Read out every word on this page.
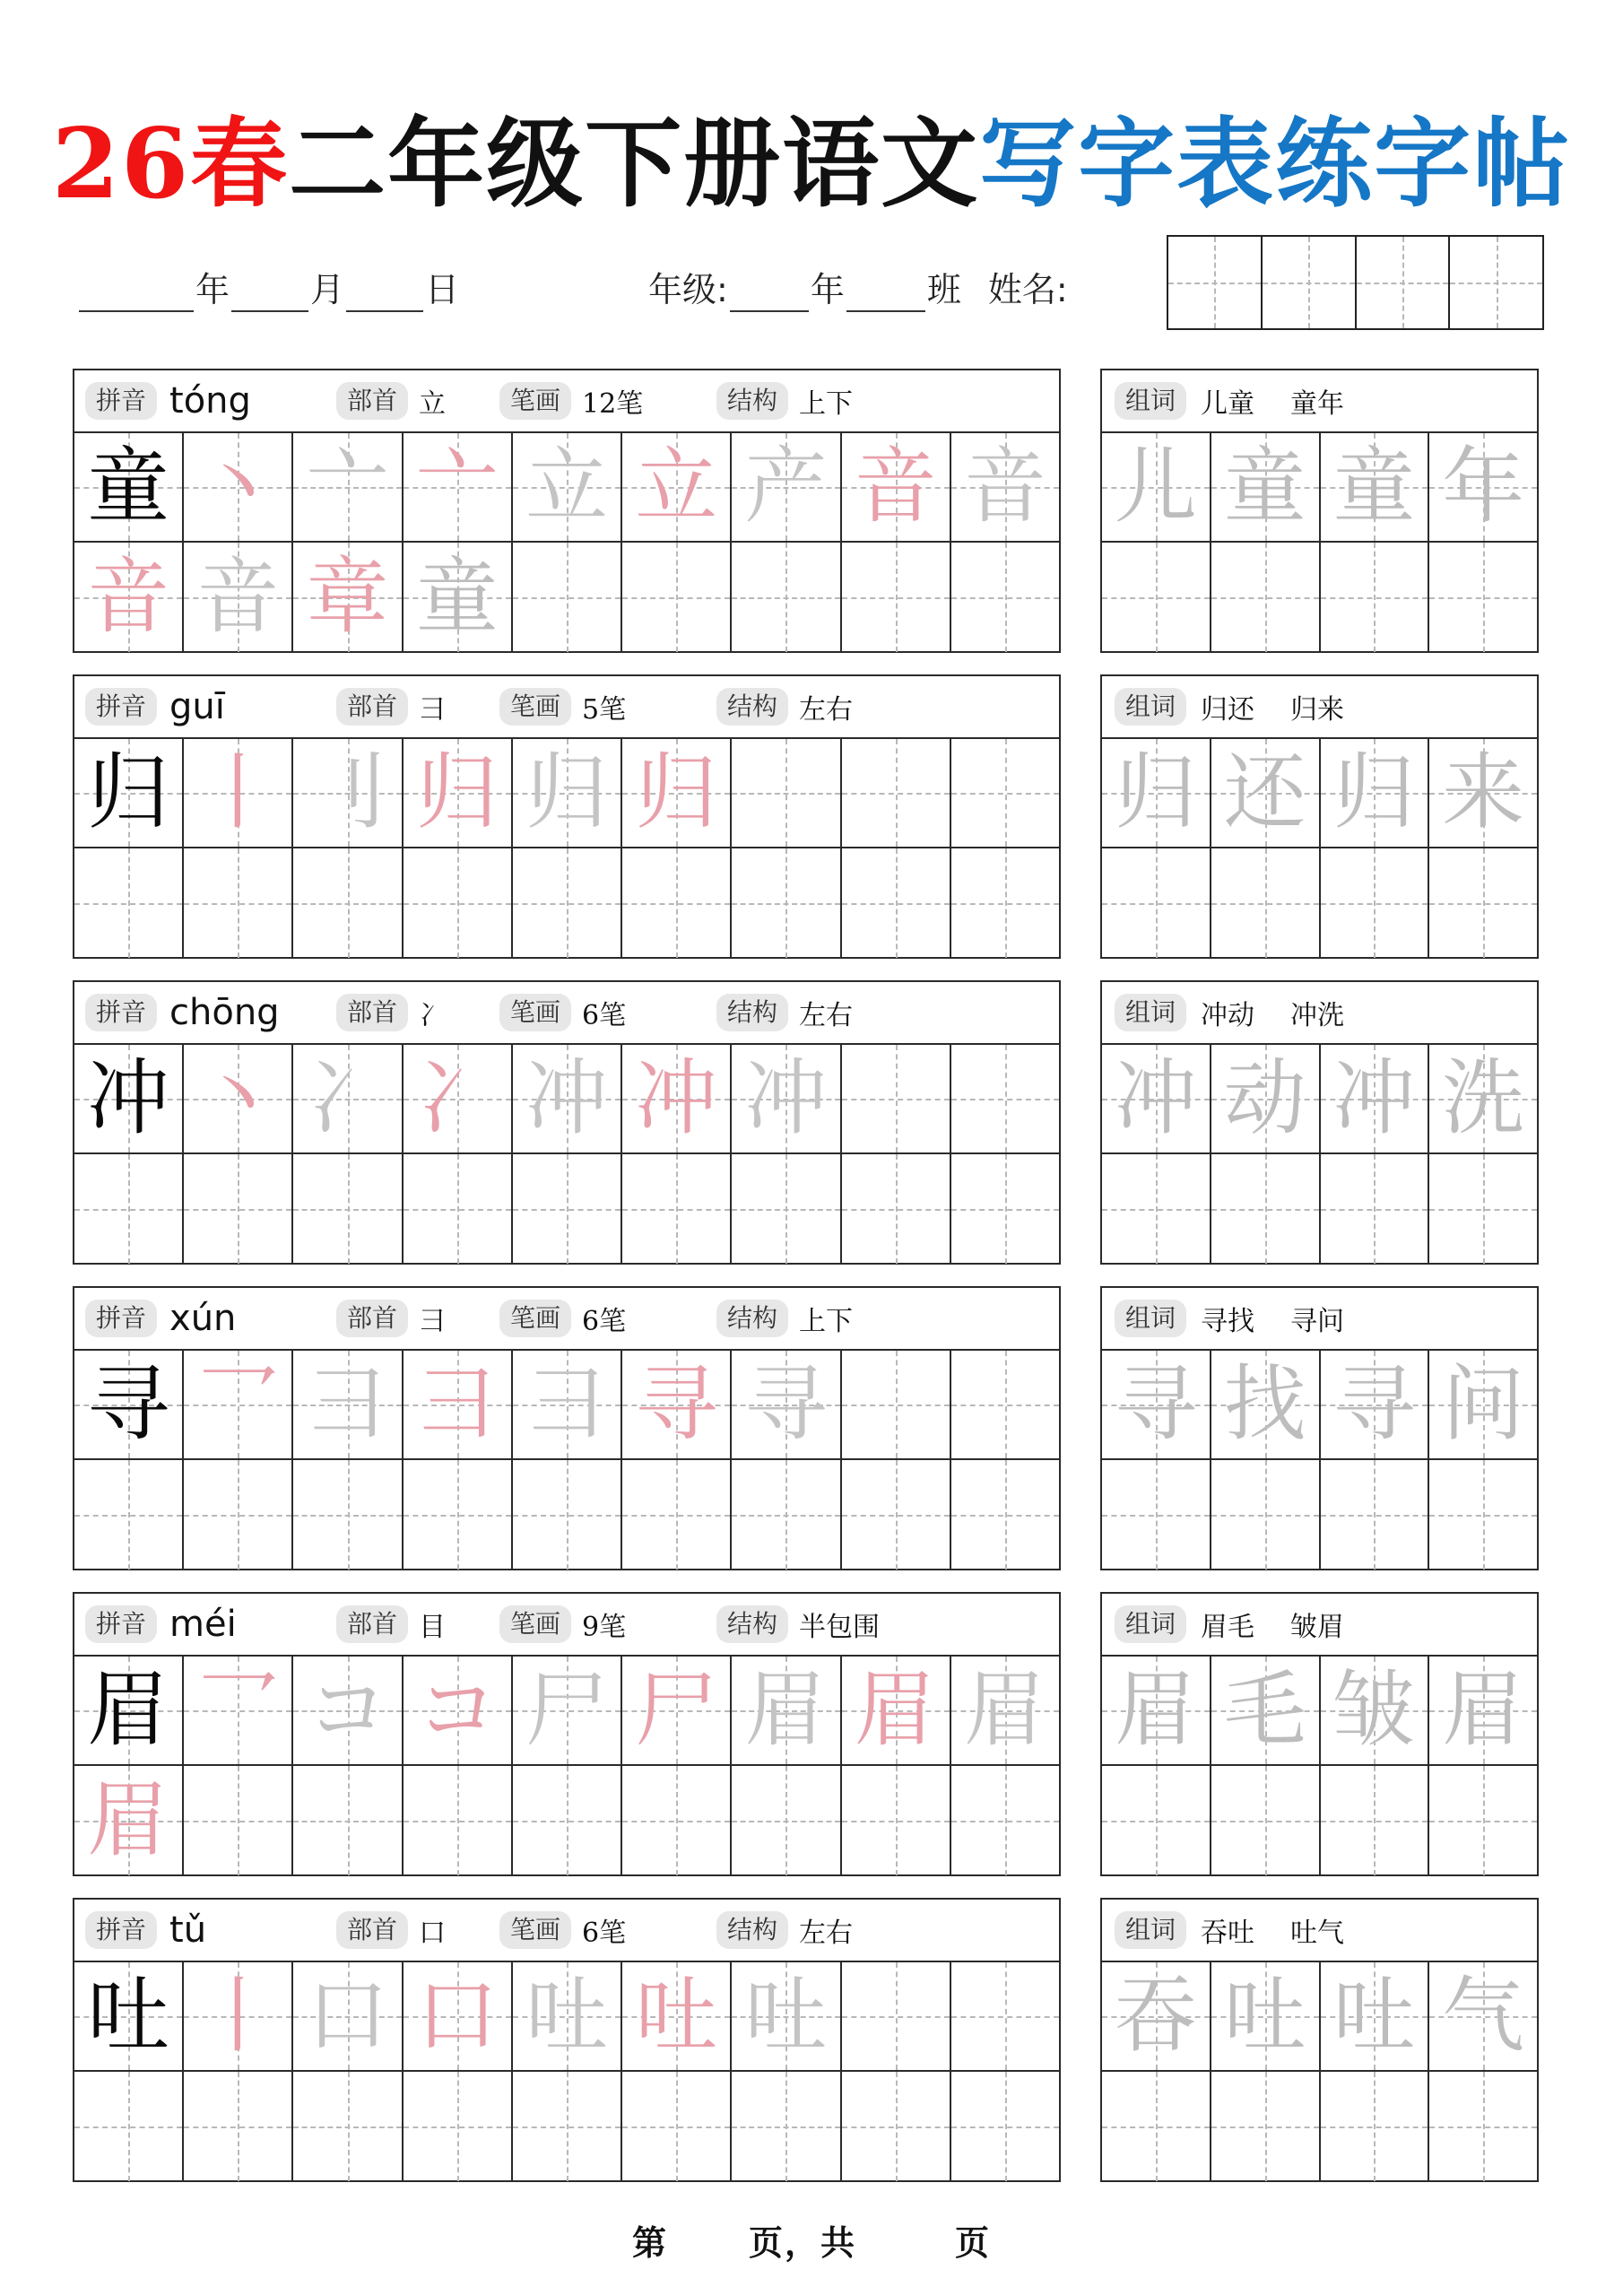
26春二年级下册语文写字表练字帖
年 月 日	年级: 年 班 姓名:
拼音 tóng	部首 立	笔画 12笔	结构 上下
童 丶 亠 亠 立 立 产 音 音
音 音 章 童
组词 儿童 童年
儿 童 童 年
拼音 guī	部首 彐	笔画 5笔	结构 左右
归 丨 刂 归 归 归
组词 归还 归来
归 还 归 来
拼音 chōng	部首 冫	笔画 6笔	结构 左右
冲 丶 冫 冫 冲 冲 冲
组词 冲动 冲洗
冲 动 冲 洗
拼音 xún	部首 彐	笔画 6笔	结构 上下
寻 乛 彐 彐 彐 寻 寻
组词 寻找 寻问
寻 找 寻 问
拼音 méi	部首 目	笔画 9笔	结构 半包围
眉 乛 コ コ 尸 尸 眉 眉 眉
眉
组词 眉毛 皱眉
眉 毛 皱 眉
拼音 tǔ	部首 口	笔画 6笔	结构 左右
吐 丨 口 口 吐 吐 吐
组词 吞吐 吐气
吞 吐 吐 气
第 页，共	页
